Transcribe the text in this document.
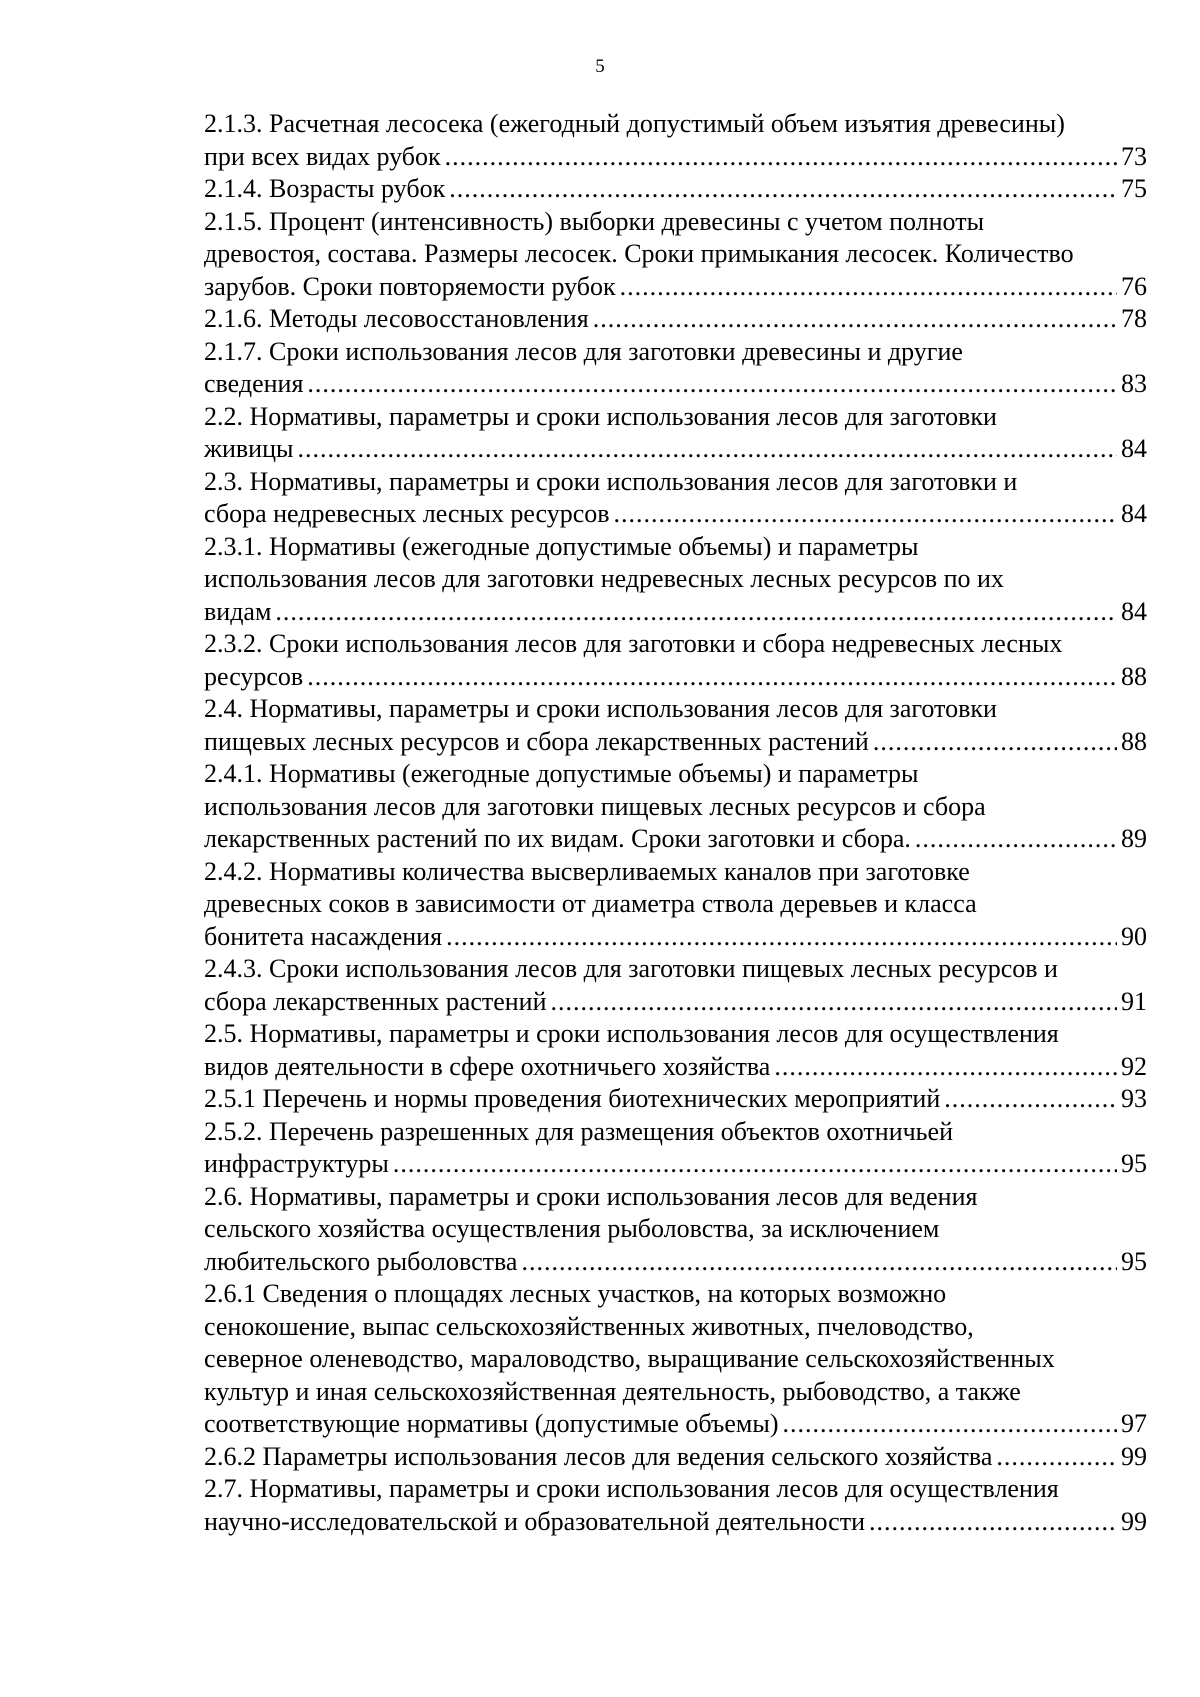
5
2.1.3. Расчетная лесосека (ежегодный допустимый объем изъятия древесины)
при всех видах рубок .....	73
2.1.4. Возрасты рубок .....	75
2.1.5. Процент (интенсивность) выборки древесины с учетом полноты
древостоя, состава. Размеры лесосек. Сроки примыкания лесосек. Количество
зарубов. Сроки повторяемости рубок .....	76
2.1.6. Методы лесовосстановления .....	78
2.1.7. Сроки использования лесов для заготовки древесины и другие
сведения .....	83
2.2. Нормативы, параметры и сроки использования лесов для заготовки
живицы .....	84
2.3. Нормативы, параметры и сроки использования лесов для заготовки и
сбора недревесных лесных ресурсов .....	84
2.3.1. Нормативы (ежегодные допустимые объемы) и параметры
использования лесов для заготовки недревесных лесных ресурсов по их
видам .....	84
2.3.2. Сроки использования лесов для заготовки и сбора недревесных лесных
ресурсов .....	88
2.4. Нормативы, параметры и сроки использования лесов для заготовки
пищевых лесных ресурсов и сбора лекарственных растений .....	88
2.4.1. Нормативы (ежегодные допустимые объемы) и параметры
использования лесов для заготовки пищевых лесных ресурсов и сбора
лекарственных растений по их видам. Сроки заготовки и сбора. .....	89
2.4.2. Нормативы количества высверливаемых каналов при заготовке
древесных соков в зависимости от диаметра ствола деревьев и класса
бонитета насаждения .....	90
2.4.3. Сроки использования лесов для заготовки пищевых лесных ресурсов и
сбора лекарственных растений .....	91
2.5. Нормативы, параметры и сроки использования лесов для осуществления
видов деятельности в сфере охотничьего хозяйства .....	92
2.5.1 Перечень и нормы проведения биотехнических мероприятий .....	93
2.5.2. Перечень разрешенных для размещения объектов охотничьей
инфраструктуры .....	95
2.6. Нормативы, параметры и сроки использования лесов для ведения
сельского хозяйства осуществления рыболовства, за исключением
любительского рыболовства .....	95
2.6.1 Сведения о площадях лесных участков, на которых возможно
сенокошение, выпас сельскохозяйственных животных, пчеловодство,
северное оленеводство, мараловодство, выращивание сельскохозяйственных
культур и иная сельскохозяйственная деятельность, рыбоводство, а также
соответствующие нормативы (допустимые объемы) .....	97
2.6.2 Параметры использования лесов для ведения сельского хозяйства .....	99
2.7. Нормативы, параметры и сроки использования лесов для осуществления
научно-исследовательской и образовательной деятельности .....	99
